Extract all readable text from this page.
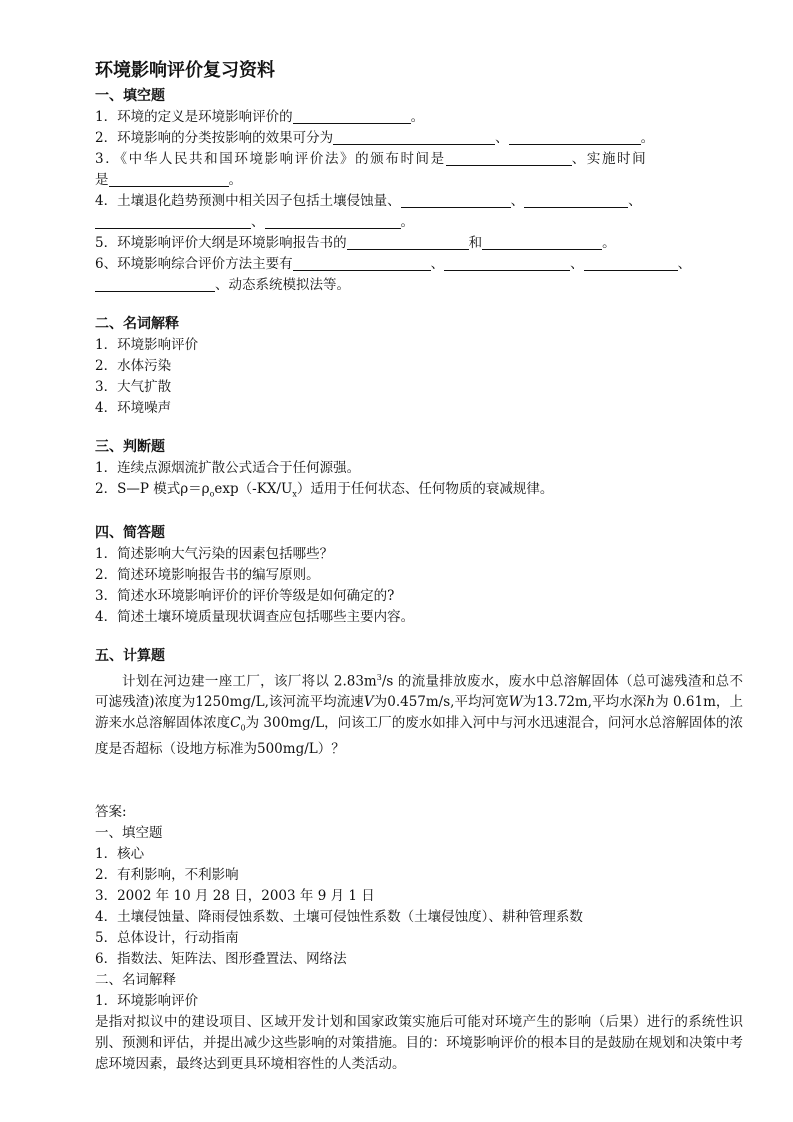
环境影响评价复习资料
一、填空题
1．环境的定义是环境影响评价的	。
2．环境影响的分类按影响的效果可分为	、	。
3．《中华人民共和国环境影响评价法》的颁布时间是	、实施时间
是	。
4．土壤退化趋势预测中相关因子包括土壤侵蚀量、	、	、
、	。
5．环境影响评价大纲是环境影响报告书的	和	。
6、环境影响综合评价方法主要有	、	、	、
、动态系统模拟法等。
二、名词解释
1．环境影响评价
2．水体污染
3．大气扩散
4．环境噪声
三、判断题
1．连续点源烟流扩散公式适合于任何源强。
2．S—P 模式$\rho=\rho_o\exp(-KX/U_x)$适用于任何状态、任何物质的衰减规律。
四、简答题
1．简述影响大气污染的因素包括哪些？
2．简述环境影响报告书的编写原则。
3．简述水环境影响评价的评价等级是如何确定的?
4．简述土壤环境质量现状调查应包括哪些主要内容。
五、计算题
计划在河边建一座工厂，该厂将以 $2.83m^3/s$ 的流量排放废水，废水中总溶解固体（总可滤残渣和总不可滤残渣)浓度为1250mg/L,该河流平均流速V为0.457m/s,平均河宽W为13.72m,平均水深h为 0.61m，上游来水总溶解固体浓度$C_0$为 300mg/L，问该工厂的废水如排入河中与河水迅速混合，问河水总溶解固体的浓度是否超标（设地方标准为500mg/L）？
答案:
一、填空题
1．核心
2．有利影响，不利影响
3．2002 年 10 月 28 日，2003 年 9 月 1 日
4．土壤侵蚀量、降雨侵蚀系数、土壤可侵蚀性系数（土壤侵蚀度）、耕种管理系数
5．总体设计，行动指南
6．指数法、矩阵法、图形叠置法、网络法
二、名词解释
1．环境影响评价
是指对拟议中的建设项目、区域开发计划和国家政策实施后可能对环境产生的影响（后果）进行的系统性识别、预测和评估，并提出减少这些影响的对策措施。目的：环境影响评价的根本目的是鼓励在规划和决策中考虑环境因素，最终达到更具环境相容性的人类活动。
